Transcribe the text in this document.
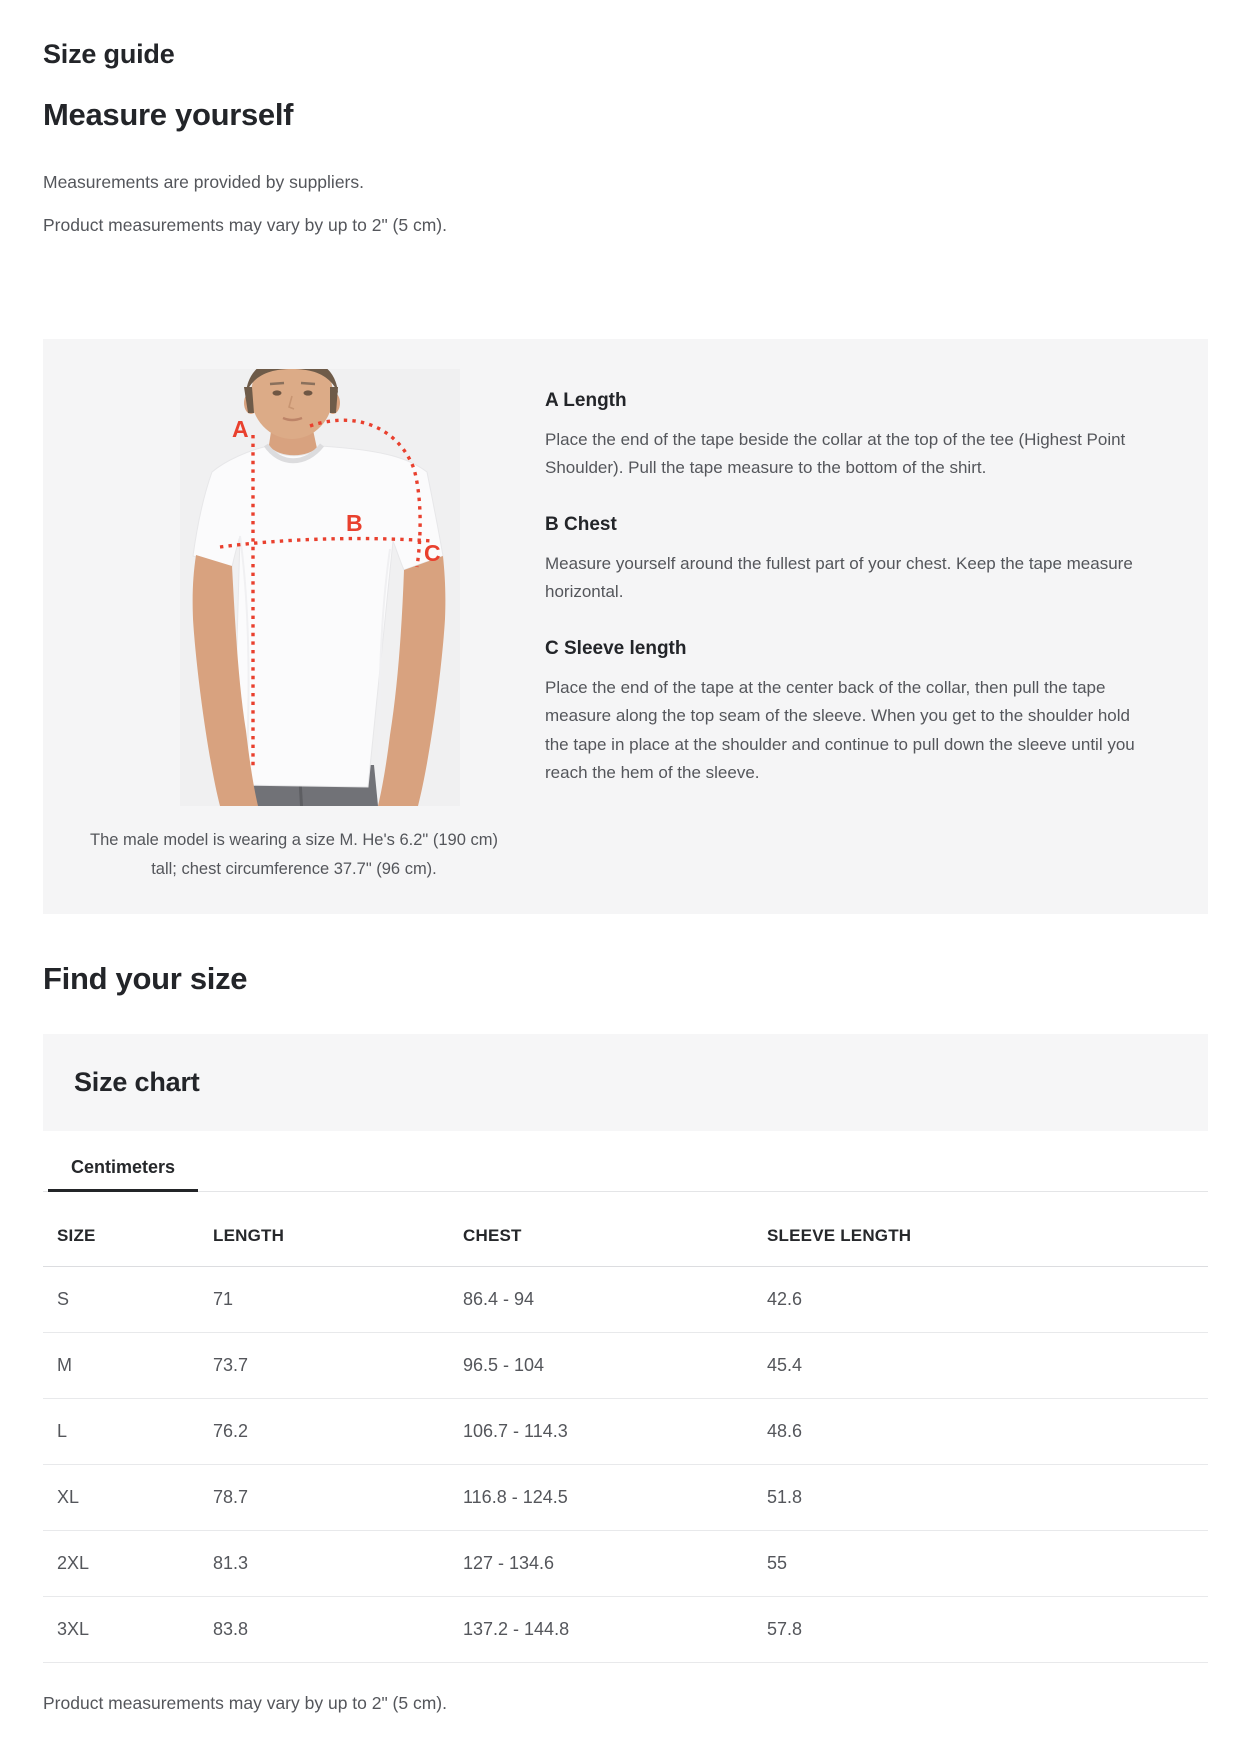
Size guide
Measure yourself

Measurements are provided by suppliers.

Product measurements may vary by up to 2" (5 cm).

A
B
C

The male model is wearing a size M. He's 6.2" (190 cm) tall; chest circumference 37.7" (96 cm).

A Length

Place the end of the tape beside the collar at the top of the tee (Highest Point Shoulder). Pull the tape measure to the bottom of the shirt.

B Chest

Measure yourself around the fullest part of your chest. Keep the tape measure horizontal.

C Sleeve length

Place the end of the tape at the center back of the collar, then pull the tape measure along the top seam of the sleeve. When you get to the shoulder hold the tape in place at the shoulder and continue to pull down the sleeve until you reach the hem of the sleeve.

Find your size
Size chart
Centimeters
SIZE	LENGTH	CHEST	SLEEVE LENGTH
S	71	86.4 - 94	42.6
M	73.7	96.5 - 104	45.4
L	76.2	106.7 - 114.3	48.6
XL	78.7	116.8 - 124.5	51.8
2XL	81.3	127 - 134.6	55
3XL	83.8	137.2 - 144.8	57.8

Product measurements may vary by up to 2" (5 cm).
